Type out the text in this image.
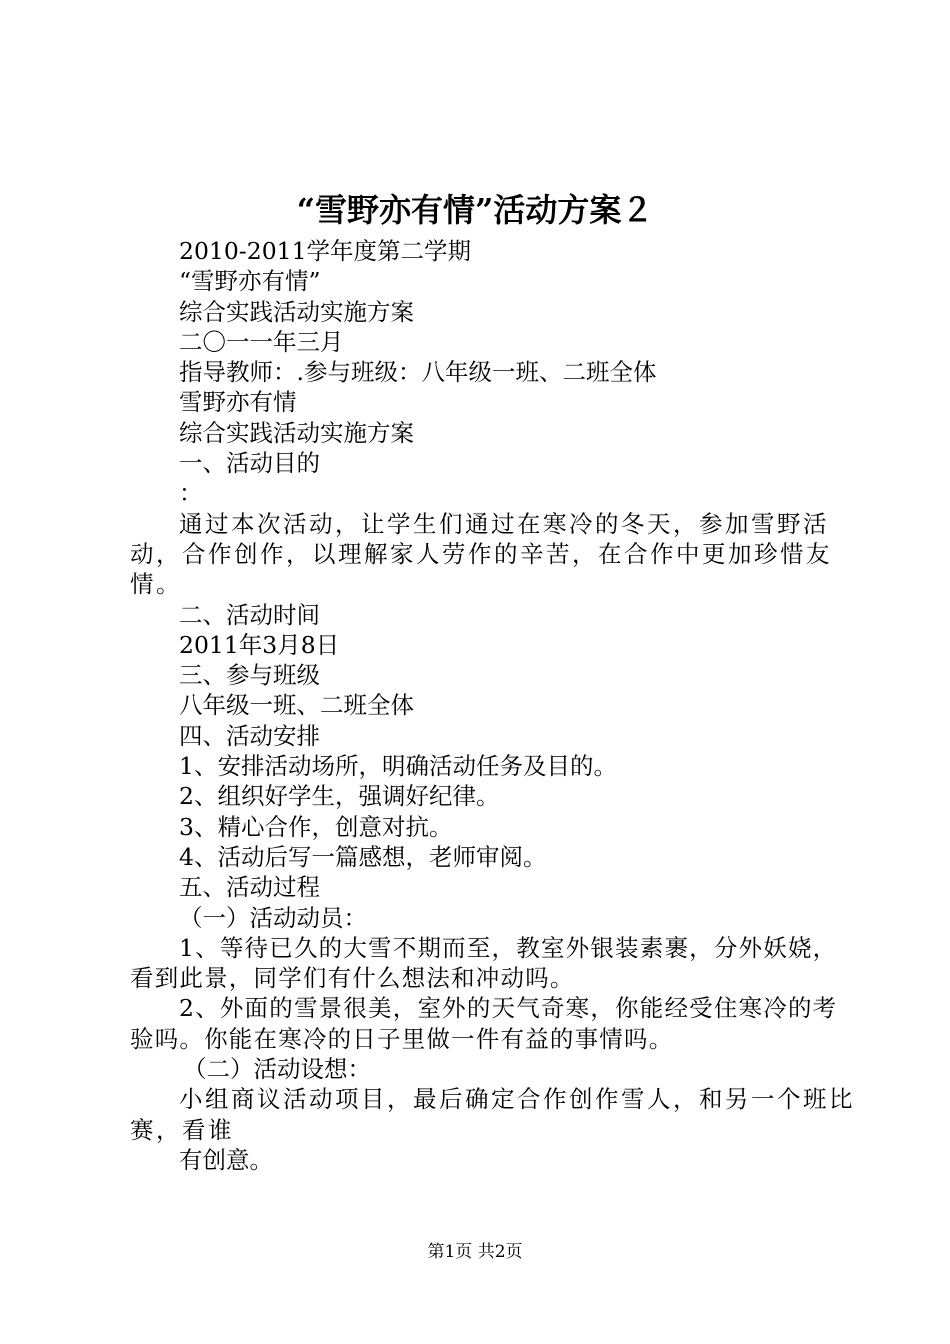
“雪野亦有情”活动方案２

2010-2011学年度第二学期

“雪野亦有情”

综合实践活动实施方案

二〇一一年三月

指导教师：.参与班级：八年级一班、二班全体

雪野亦有情

综合实践活动实施方案

一、活动目的

：

通过本次活动，让学生们通过在寒冷的冬天，参加雪野活动，合作创作，以理解家人劳作的辛苦，在合作中更加珍惜友情。

二、活动时间

2011年3月8日

三、参与班级

八年级一班、二班全体

四、活动安排

1、安排活动场所，明确活动任务及目的。

2、组织好学生，强调好纪律。

3、精心合作，创意对抗。

4、活动后写一篇感想，老师审阅。

五、活动过程

（一）活动动员：

1、等待已久的大雪不期而至，教室外银装素裹，分外妖娆，看到此景，同学们有什么想法和冲动吗。

2、外面的雪景很美，室外的天气奇寒，你能经受住寒冷的考验吗。你能在寒冷的日子里做一件有益的事情吗。

（二）活动设想：

小组商议活动项目，最后确定合作创作雪人，和另一个班比赛，看谁

有创意。

第1页 共2页
